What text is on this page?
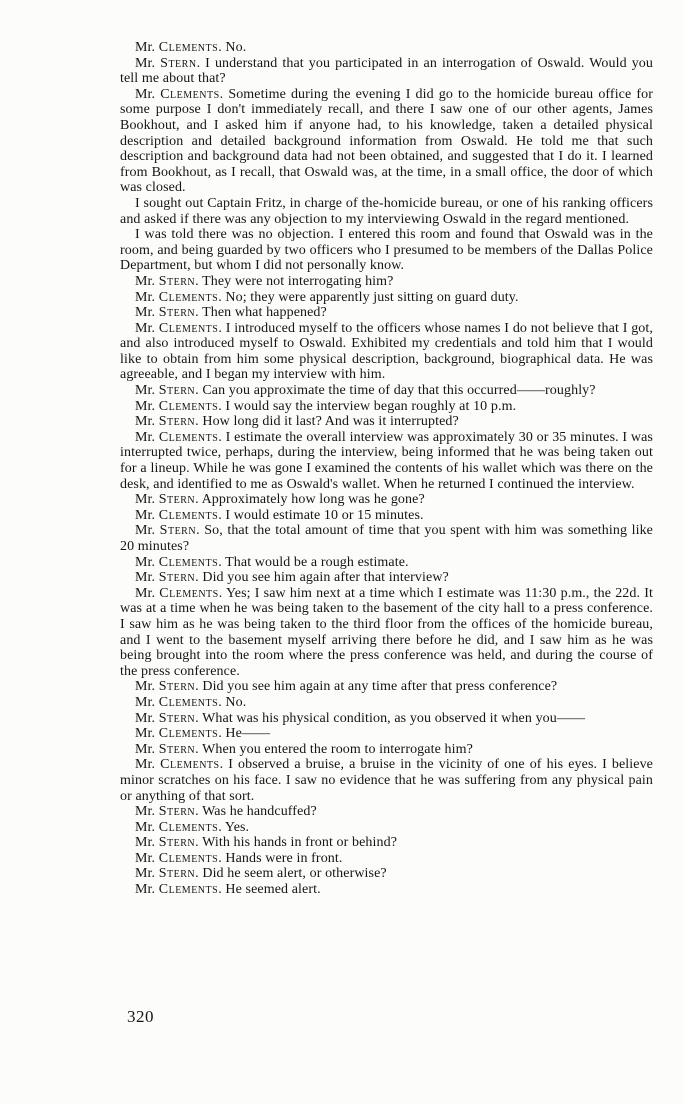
Mr. Clements. No.

Mr. Stern. I understand that you participated in an interrogation of Oswald. Would you tell me about that?

Mr. Clements. Sometime during the evening I did go to the homicide bureau office for some purpose I don't immediately recall, and there I saw one of our other agents, James Bookhout, and I asked him if anyone had, to his knowledge, taken a detailed physical description and detailed background information from Oswald. He told me that such description and background data had not been obtained, and suggested that I do it. I learned from Bookhout, as I recall, that Oswald was, at the time, in a small office, the door of which was closed.

I sought out Captain Fritz, in charge of the-homicide bureau, or one of his ranking officers and asked if there was any objection to my interviewing Oswald in the regard mentioned.

I was told there was no objection. I entered this room and found that Oswald was in the room, and being guarded by two officers who I presumed to be members of the Dallas Police Department, but whom I did not personally know.

Mr. Stern. They were not interrogating him?

Mr. Clements. No; they were apparently just sitting on guard duty.

Mr. Stern. Then what happened?

Mr. Clements. I introduced myself to the officers whose names I do not believe that I got, and also introduced myself to Oswald. Exhibited my credentials and told him that I would like to obtain from him some physical description, background, biographical data. He was agreeable, and I began my interview with him.

Mr. Stern. Can you approximate the time of day that this occurred——roughly?

Mr. Clements. I would say the interview began roughly at 10 p.m.

Mr. Stern. How long did it last? And was it interrupted?

Mr. Clements. I estimate the overall interview was approximately 30 or 35 minutes. I was interrupted twice, perhaps, during the interview, being informed that he was being taken out for a lineup. While he was gone I examined the contents of his wallet which was there on the desk, and identified to me as Oswald's wallet. When he returned I continued the interview.

Mr. Stern. Approximately how long was he gone?

Mr. Clements. I would estimate 10 or 15 minutes.

Mr. Stern. So, that the total amount of time that you spent with him was something like 20 minutes?

Mr. Clements. That would be a rough estimate.

Mr. Stern. Did you see him again after that interview?

Mr. Clements. Yes; I saw him next at a time which I estimate was 11:30 p.m., the 22d. It was at a time when he was being taken to the basement of the city hall to a press conference. I saw him as he was being taken to the third floor from the offices of the homicide bureau, and I went to the basement myself arriving there before he did, and I saw him as he was being brought into the room where the press conference was held, and during the course of the press conference.

Mr. Stern. Did you see him again at any time after that press conference?

Mr. Clements. No.

Mr. Stern. What was his physical condition, as you observed it when you——

Mr. Clements. He——

Mr. Stern. When you entered the room to interrogate him?

Mr. Clements. I observed a bruise, a bruise in the vicinity of one of his eyes. I believe minor scratches on his face. I saw no evidence that he was suffering from any physical pain or anything of that sort.

Mr. Stern. Was he handcuffed?

Mr. Clements. Yes.

Mr. Stern. With his hands in front or behind?

Mr. Clements. Hands were in front.

Mr. Stern. Did he seem alert, or otherwise?

Mr. Clements. He seemed alert.

320
